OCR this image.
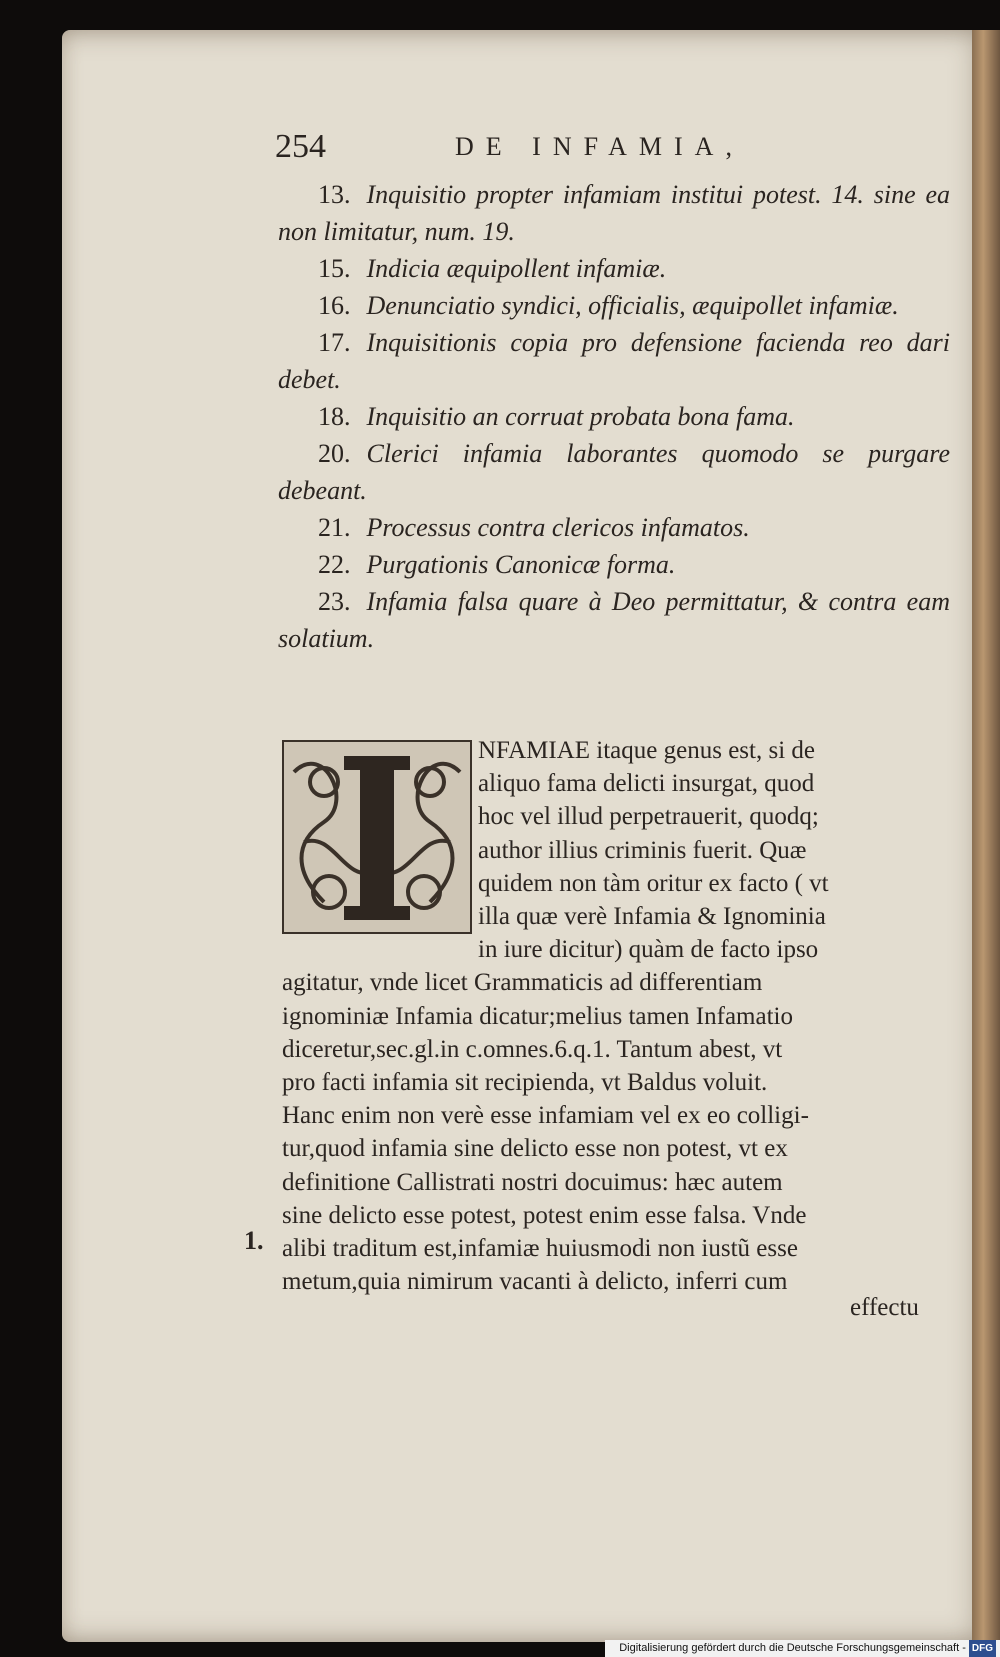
254	DE INFAMIA,
13. Inquisitio propter infamiam institui potest. 14. sine ea non limitatur, num. 19.
15. Indicia æquipollent infamiæ.
16. Denunciatio syndici, officialis, æquipollet infamiæ.
17. Inquisitionis copia pro defensione facienda reo dari debet.
18. Inquisitio an corruat probata bona fama.
20. Clerici infamia laborantes quomodo se purgare debeant.
21. Processus contra clericos infamatos.
22. Purgationis Canonicæ forma.
23. Infamia falsa quare à Deo permittatur, & contra eam solatium.
NFAMIAE itaque genus est, si de
aliquo fama delicti insurgat, quod
hoc vel illud perpetrauerit, quodq;
author illius criminis fuerit. Quæ
quidem non tàm oritur ex facto ( vt
illa quæ verè Infamia & Ignominia
in iure dicitur) quàm de facto ipso
agitatur, vnde licet Grammaticis ad differentiam
ignominiæ Infamia dicatur;melius tamen Infamatio
diceretur,sec.gl.in c.omnes.6.q.1. Tantum abest, vt
pro facti infamia sit recipienda, vt Baldus voluit.
Hanc enim non verè esse infamiam vel ex eo colligi-
tur,quod infamia sine delicto esse non potest, vt ex
definitione Callistrati nostri docuimus: hæc autem
sine delicto esse potest, potest enim esse falsa. Vnde
alibi traditum est,infamiæ huiusmodi non iustũ esse
metum,quia nimirum vacanti à delicto, inferri cum
1.
effectu
Digitalisierung gefördert durch die Deutsche Forschungsgemeinschaft - DFG
